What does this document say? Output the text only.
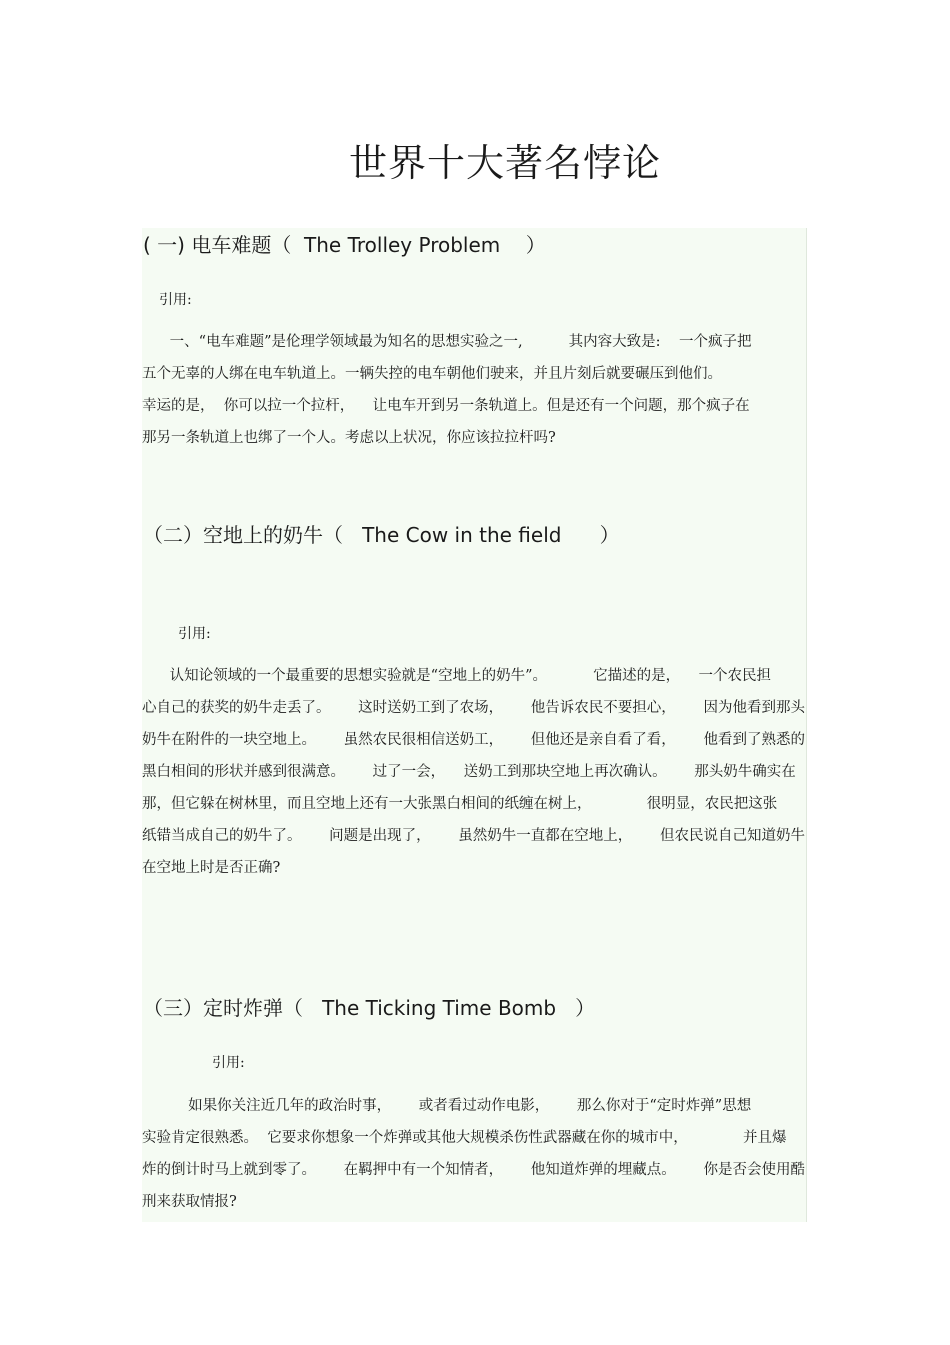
世界十大著名悖论
( 一) 电车难题（  The Trolley Problem    ）

引用:

一、“电车难题”是伦理学领域最为知名的思想实验之一,          其内容大致是:    一个疯子把
五个无辜的人绑在电车轨道上。一辆失控的电车朝他们驶来，并且片刻后就要碾压到他们。
幸运的是，  你可以拉一个拉杆，    让电车开到另一条轨道上。但是还有一个问题，那个疯子在
那另一条轨道上也绑了一个人。考虑以上状况，你应该拉拉杆吗?
（二）空地上的奶牛（   The Cow in the field      ）

引用:

认知论领域的一个最重要的思想实验就是“空地上的奶牛”。          它描述的是，    一个农民担
心自己的获奖的奶牛走丢了。      这时送奶工到了农场，      他告诉农民不要担心，      因为他看到那头
奶牛在附件的一块空地上。      虽然农民很相信送奶工，      但他还是亲自看了看，      他看到了熟悉的
黑白相间的形状并感到很满意。      过了一会，    送奶工到那块空地上再次确认。      那头奶牛确实在
那，但它躲在树林里，而且空地上还有一大张黑白相间的纸缠在树上，            很明显，农民把这张
纸错当成自己的奶牛了。      问题是出现了，      虽然奶牛一直都在空地上，      但农民说自己知道奶牛
在空地上时是否正确?
（三）定时炸弹（   The Ticking Time Bomb   ）

引用:

如果你关注近几年的政治时事，      或者看过动作电影，      那么你对于“定时炸弹”思想
实验肯定很熟悉。  它要求你想象一个炸弹或其他大规模杀伤性武器藏在你的城市中，            并且爆
炸的倒计时马上就到零了。      在羁押中有一个知情者，      他知道炸弹的埋藏点。      你是否会使用酷
刑来获取情报?
